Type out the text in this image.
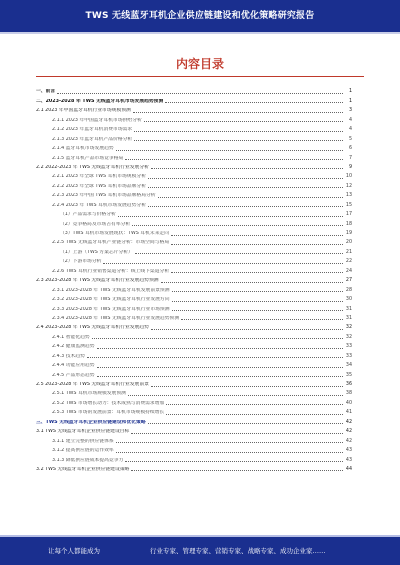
TWS 无线蓝牙耳机企业供应链建设和优化策略研究报告
内容目录
一、前言	1
二、2023-2028 年 TWS 无线蓝牙耳机市场发展趋势预测	1
2.1 2023 年中国蓝牙耳机行业市场规模预测	3
2.1.1 2023 年中国蓝牙耳机市场供给分析	4
2.1.2 2023 年蓝牙耳机消费市场需求	4
2.1.3 2023 年蓝牙耳机产品价格分析	5
2.1.4 蓝牙耳机市场发展趋势	6
2.1.5 蓝牙耳机产品市场竞争格局	7
2.2 2022-2023 年 TWS 无线蓝牙耳机行业发展分析	9
2.2.1 2023 年全球 TWS 耳机市场规模分析	10
2.2.2 2023 年全球 TWS 耳机市场品牌分析	12
2.2.3 2023 年中国 TWS 耳机市场品牌格局分析	13
2.2.4 2023 年 TWS 耳机市场发展趋势分析	15
（1）产品需求与价格分析	17
（2）竞争格局及市场占有率分析	18
（3）TWS 耳机市场发展现状：TWS 耳机未来走向	19
2.2.5 TWS 无线蓝牙耳机产业链分析：市场空间与格局	20
（1）上游（TWS 方案芯片分析）	21
（2）下游市场分析	22
2.2.6 TWS 耳机行业销售渠道分析：线上线下渠道分析	24
2.3 2023-2028 年 TWS 无线蓝牙耳机行业发展趋势预测	27
2.3.1 2023-2028 年 TWS 无线蓝牙耳机发展前景预测	28
2.3.2 2023-2028 年 TWS 无线蓝牙耳机行业发展方向	30
2.3.3 2023-2028 年 TWS 无线蓝牙耳机行业市场预测	31
2.3.4 2023-2028 年 TWS 无线蓝牙耳机行业发展趋势预测	31
2.4 2023-2028 年 TWS 无线蓝牙耳机行业发展趋势	32
2.4.1 智能化趋势	32
2.4.2 健康监测趋势	33
2.4.3 技术趋势	33
2.4.4 功能应用趋势	34
2.4.5 产品形态趋势	35
2.5 2023-2028 年 TWS 无线蓝牙耳机行业发展前景	36
2.5.1 TWS 耳机市场规模发展预测	38
2.5.2 TWS 市场增长动力：技术成熟与消费需求增加	40
2.5.3 TWS 市场的发展前景：耳机市场规模持续增长	41
三、TWS 无线蓝牙耳机企业供应链建设和优化策略	42
3.1 TWS 无线蓝牙耳机企业供应链建设目标	42
3.1.1 建立完整的供应链体系	42
3.1.2 提高供应链的运作效率	43
3.1.3 降低供应链成本提高竞争力	43
3.2 TWS 无线蓝牙耳机企业供应链建设策略	44
让每个人都能成为	行业专家、管理专家、营销专家、战略专家、成功企业家……
